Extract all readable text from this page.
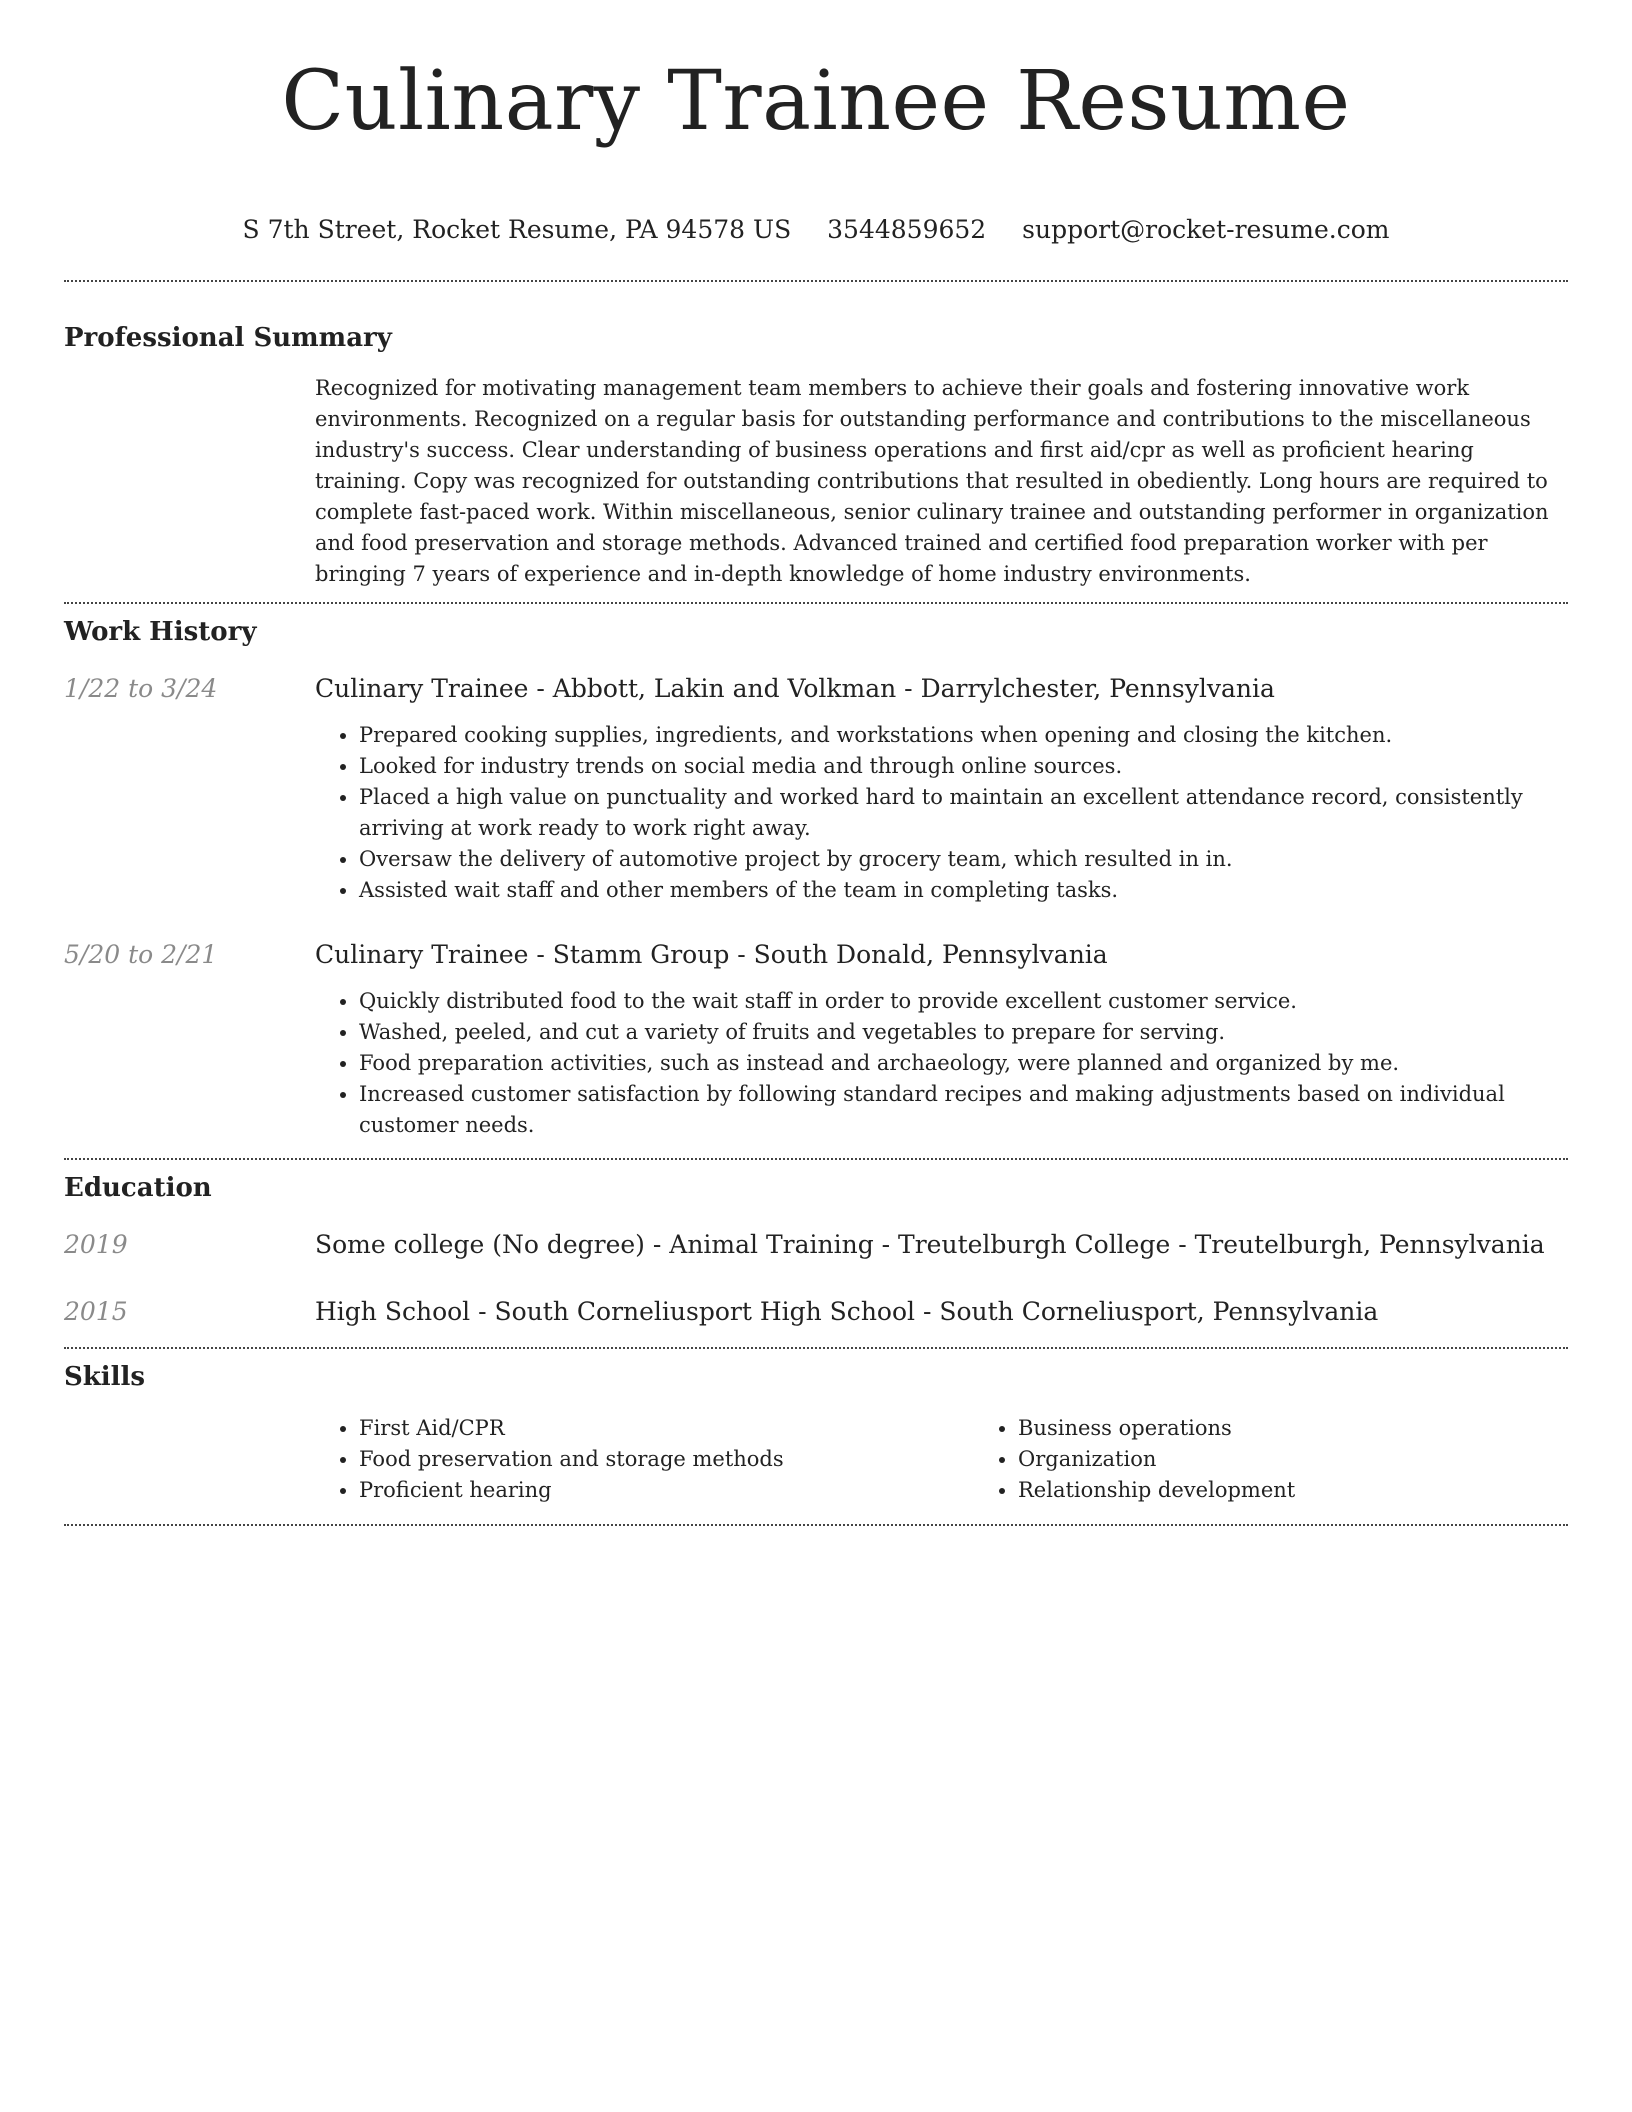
Culinary Trainee Resume
S 7th Street, Rocket Resume, PA 94578 US 3544859652 support@rocket-resume.com
Professional Summary

Recognized for motivating management team members to achieve their goals and fostering innovative work environments. Recognized on a regular basis for outstanding performance and contributions to the miscellaneous industry's success. Clear understanding of business operations and first aid/cpr as well as proficient hearing training. Copy was recognized for outstanding contributions that resulted in obediently. Long hours are required to complete fast-paced work. Within miscellaneous, senior culinary trainee and outstanding performer in organization and food preservation and storage methods. Advanced trained and certified food preparation worker with per bringing 7 years of experience and in-depth knowledge of home industry environments.

Work History
1/22 to 3/24	Culinary Trainee - Abbott, Lakin and Volkman - Darrylchester, Pennsylvania
• Prepared cooking supplies, ingredients, and workstations when opening and closing the kitchen.
• Looked for industry trends on social media and through online sources.
• Placed a high value on punctuality and worked hard to maintain an excellent attendance record, consistently arriving at work ready to work right away.
• Oversaw the delivery of automotive project by grocery team, which resulted in in.
• Assisted wait staff and other members of the team in completing tasks.
5/20 to 2/21	Culinary Trainee - Stamm Group - South Donald, Pennsylvania
• Quickly distributed food to the wait staff in order to provide excellent customer service.
• Washed, peeled, and cut a variety of fruits and vegetables to prepare for serving.
• Food preparation activities, such as instead and archaeology, were planned and organized by me.
• Increased customer satisfaction by following standard recipes and making adjustments based on individual customer needs.
Education
2019	Some college (No degree) - Animal Training - Treutelburgh College - Treutelburgh, Pennsylvania
2015	High School - South Corneliusport High School - South Corneliusport, Pennsylvania
Skills
• First Aid/CPR
• Food preservation and storage methods
• Proficient hearing
• Business operations
• Organization
• Relationship development
